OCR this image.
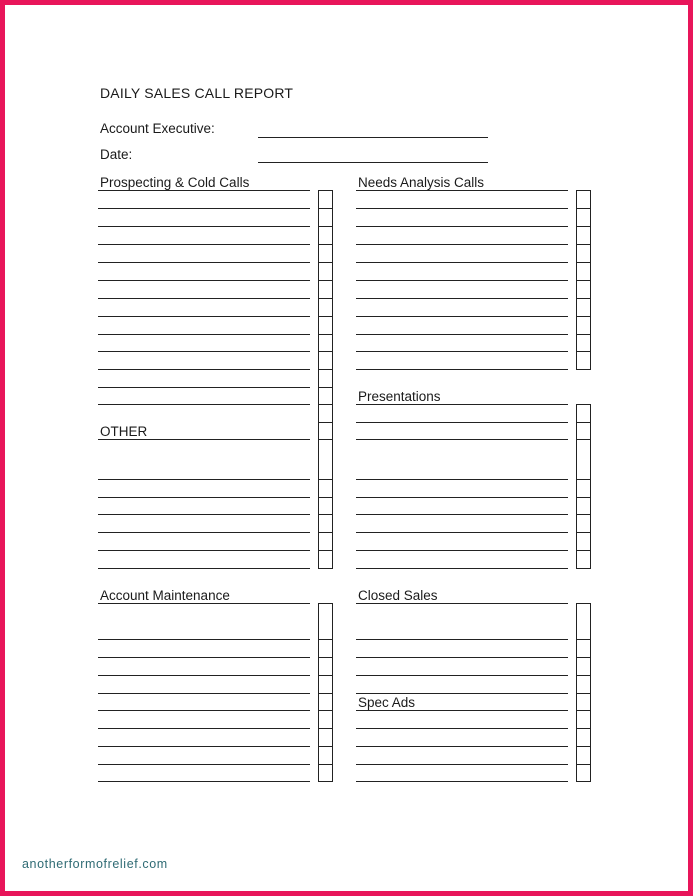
DAILY SALES CALL REPORT
Account Executive:
Date:
Prospecting & Cold Calls	Needs Analysis Calls
Presentations
OTHER
Account Maintenance	Closed Sales
Spec Ads
anotherformofrelief.com
